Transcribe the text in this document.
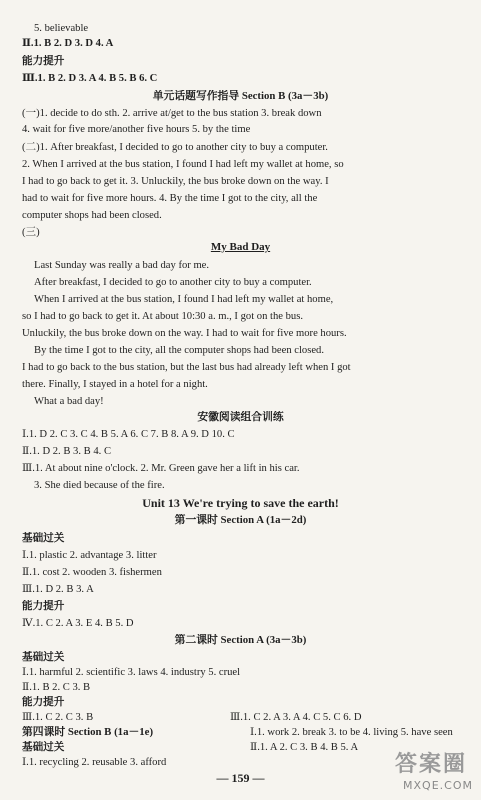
5. believable
Ⅱ.1. B 2. D 3. D 4. A
能力提升
Ⅲ.1. B 2. D 3. A 4. B 5. B 6. C
单元话题写作指导 Section B (3a－3b)
(一)1. decide to do sth. 2. arrive at/get to the bus station 3. break down
4. wait for five more/another five hours 5. by the time
(二)1. After breakfast, I decided to go to another city to buy a computer.
2. When I arrived at the bus station, I found I had left my wallet at home, so
I had to go back to get it. 3. Unluckily, the bus broke down on the way. I
had to wait for five more hours. 4. By the time I got to the city, all the
computer shops had been closed.
(三)
My Bad Day
Last Sunday was really a bad day for me.
After breakfast, I decided to go to another city to buy a computer.
When I arrived at the bus station, I found I had left my wallet at home,
so I had to go back to get it. At about 10:30 a. m., I got on the bus.
Unluckily, the bus broke down on the way. I had to wait for five more hours.
By the time I got to the city, all the computer shops had been closed.
I had to go back to the bus station, but the last bus had already left when I got
there. Finally, I stayed in a hotel for a night.
What a bad day!
安徽阅读组合训练
Ⅰ.1. D 2. C 3. C 4. B 5. A 6. C 7. B 8. A 9. D 10. C
Ⅱ.1. D 2. B 3. B 4. C
Ⅲ.1. At about nine o'clock. 2. Mr. Green gave her a lift in his car.
3. She died because of the fire.
Unit 13 We're trying to save the earth!
第一课时 Section A (1a－2d)
基础过关
Ⅰ.1. plastic 2. advantage 3. litter
Ⅱ.1. cost 2. wooden 3. fishermen
Ⅲ.1. D 2. B 3. A
能力提升
Ⅳ.1. C 2. A 3. E 4. B 5. D
第二课时 Section A (3a－3b)
基础过关
Ⅰ.1. harmful 2. scientific 3. laws 4. industry 5. cruel
Ⅱ.1. B 2. C 3. B
能力提升
Ⅲ.1. C 2. C 3. B	Ⅲ.1. C 2. A 3. A 4. C 5. C 6. D
Ⅰ.1. work 2. break 3. to be 4. living 5. have seen
Ⅱ.1. A 2. C 3. B 4. B 5. A
第四课时 Section B (1a－1e)
基础过关
Ⅰ.1. recycling 2. reusable 3. afford
— 159 —
答案圈
MXQE.COM
